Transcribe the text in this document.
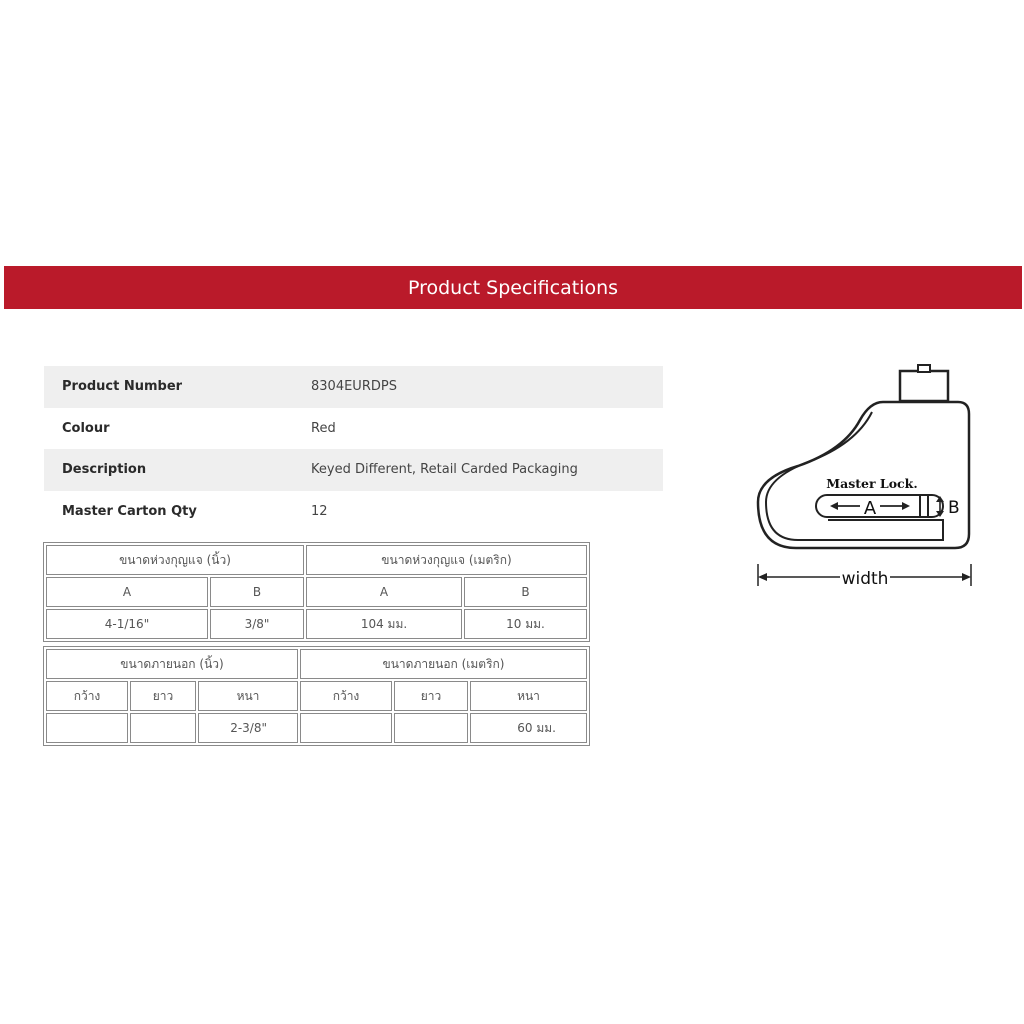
Product Specifications
Product Number	8304EURDPS
Colour	Red
Description	Keyed Different, Retail Carded Packaging
Master Carton Qty	12
ขนาดห่วงกุญแจ (นิ้ว)		ขนาดห่วงกุญแจ (เมตริก)	
A	B	A	B
4-1/16"	3/8"	104 มม.	10 มม.
ขนาดภายนอก (นิ้ว)			ขนาดภายนอก (เมตริก)		
กว้าง	ยาว	หนา	กว้าง	ยาว	หนา
		2-3/8"			60 มม.
Master Lock.
A	B
width
